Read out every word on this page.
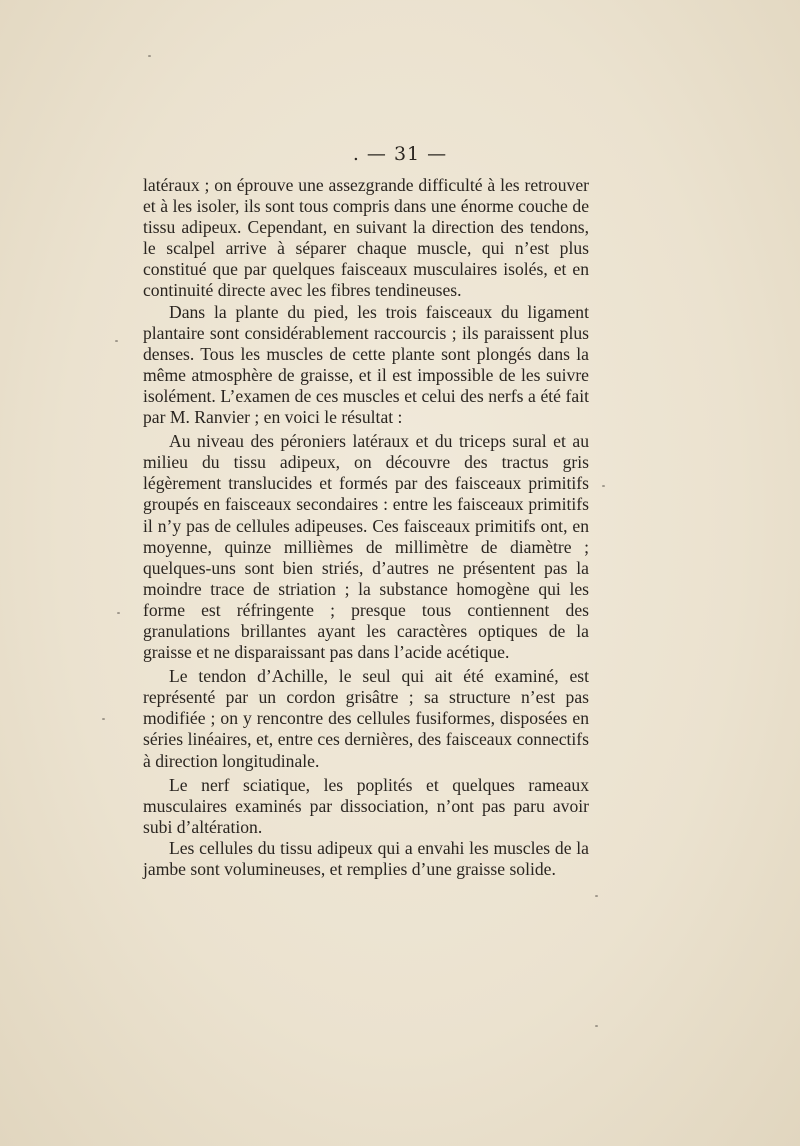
. — 31 —

latéraux ; on éprouve une assezgrande difficulté à les retrouver et à les isoler, ils sont tous compris dans une énorme couche de tissu adipeux. Cependant, en suivant la direction des tendons, le scalpel arrive à séparer chaque muscle, qui n’est plus constitué que par quelques faisceaux musculaires isolés, et en continuité directe avec les fibres tendineuses.

Dans la plante du pied, les trois faisceaux du ligament plantaire sont considérablement raccourcis ; ils paraissent plus denses. Tous les muscles de cette plante sont plongés dans la même atmosphère de graisse, et il est impossible de les suivre isolément. L’examen de ces muscles et celui des nerfs a été fait par M. Ranvier ; en voici le résultat :

Au niveau des péroniers latéraux et du triceps sural et au milieu du tissu adipeux, on découvre des tractus gris légèrement translucides et formés par des faisceaux primitifs groupés en faisceaux secondaires : entre les faisceaux primitifs il n’y pas de cellules adipeuses. Ces faisceaux primitifs ont, en moyenne, quinze millièmes de millimètre de diamètre ; quelques-uns sont bien striés, d’autres ne présentent pas la moindre trace de striation ; la substance homogène qui les forme est réfringente ; presque tous contiennent des granulations brillantes ayant les caractères optiques de la graisse et ne disparaissant pas dans l’acide acétique.

Le tendon d’Achille, le seul qui ait été examiné, est représenté par un cordon grisâtre ; sa structure n’est pas modifiée ; on y rencontre des cellules fusiformes, disposées en séries linéaires, et, entre ces dernières, des faisceaux connectifs à direction longitudinale.

Le nerf sciatique, les poplités et quelques rameaux musculaires examinés par dissociation, n’ont pas paru avoir subi d’altération.

Les cellules du tissu adipeux qui a envahi les muscles de la jambe sont volumineuses, et remplies d’une graisse solide.
